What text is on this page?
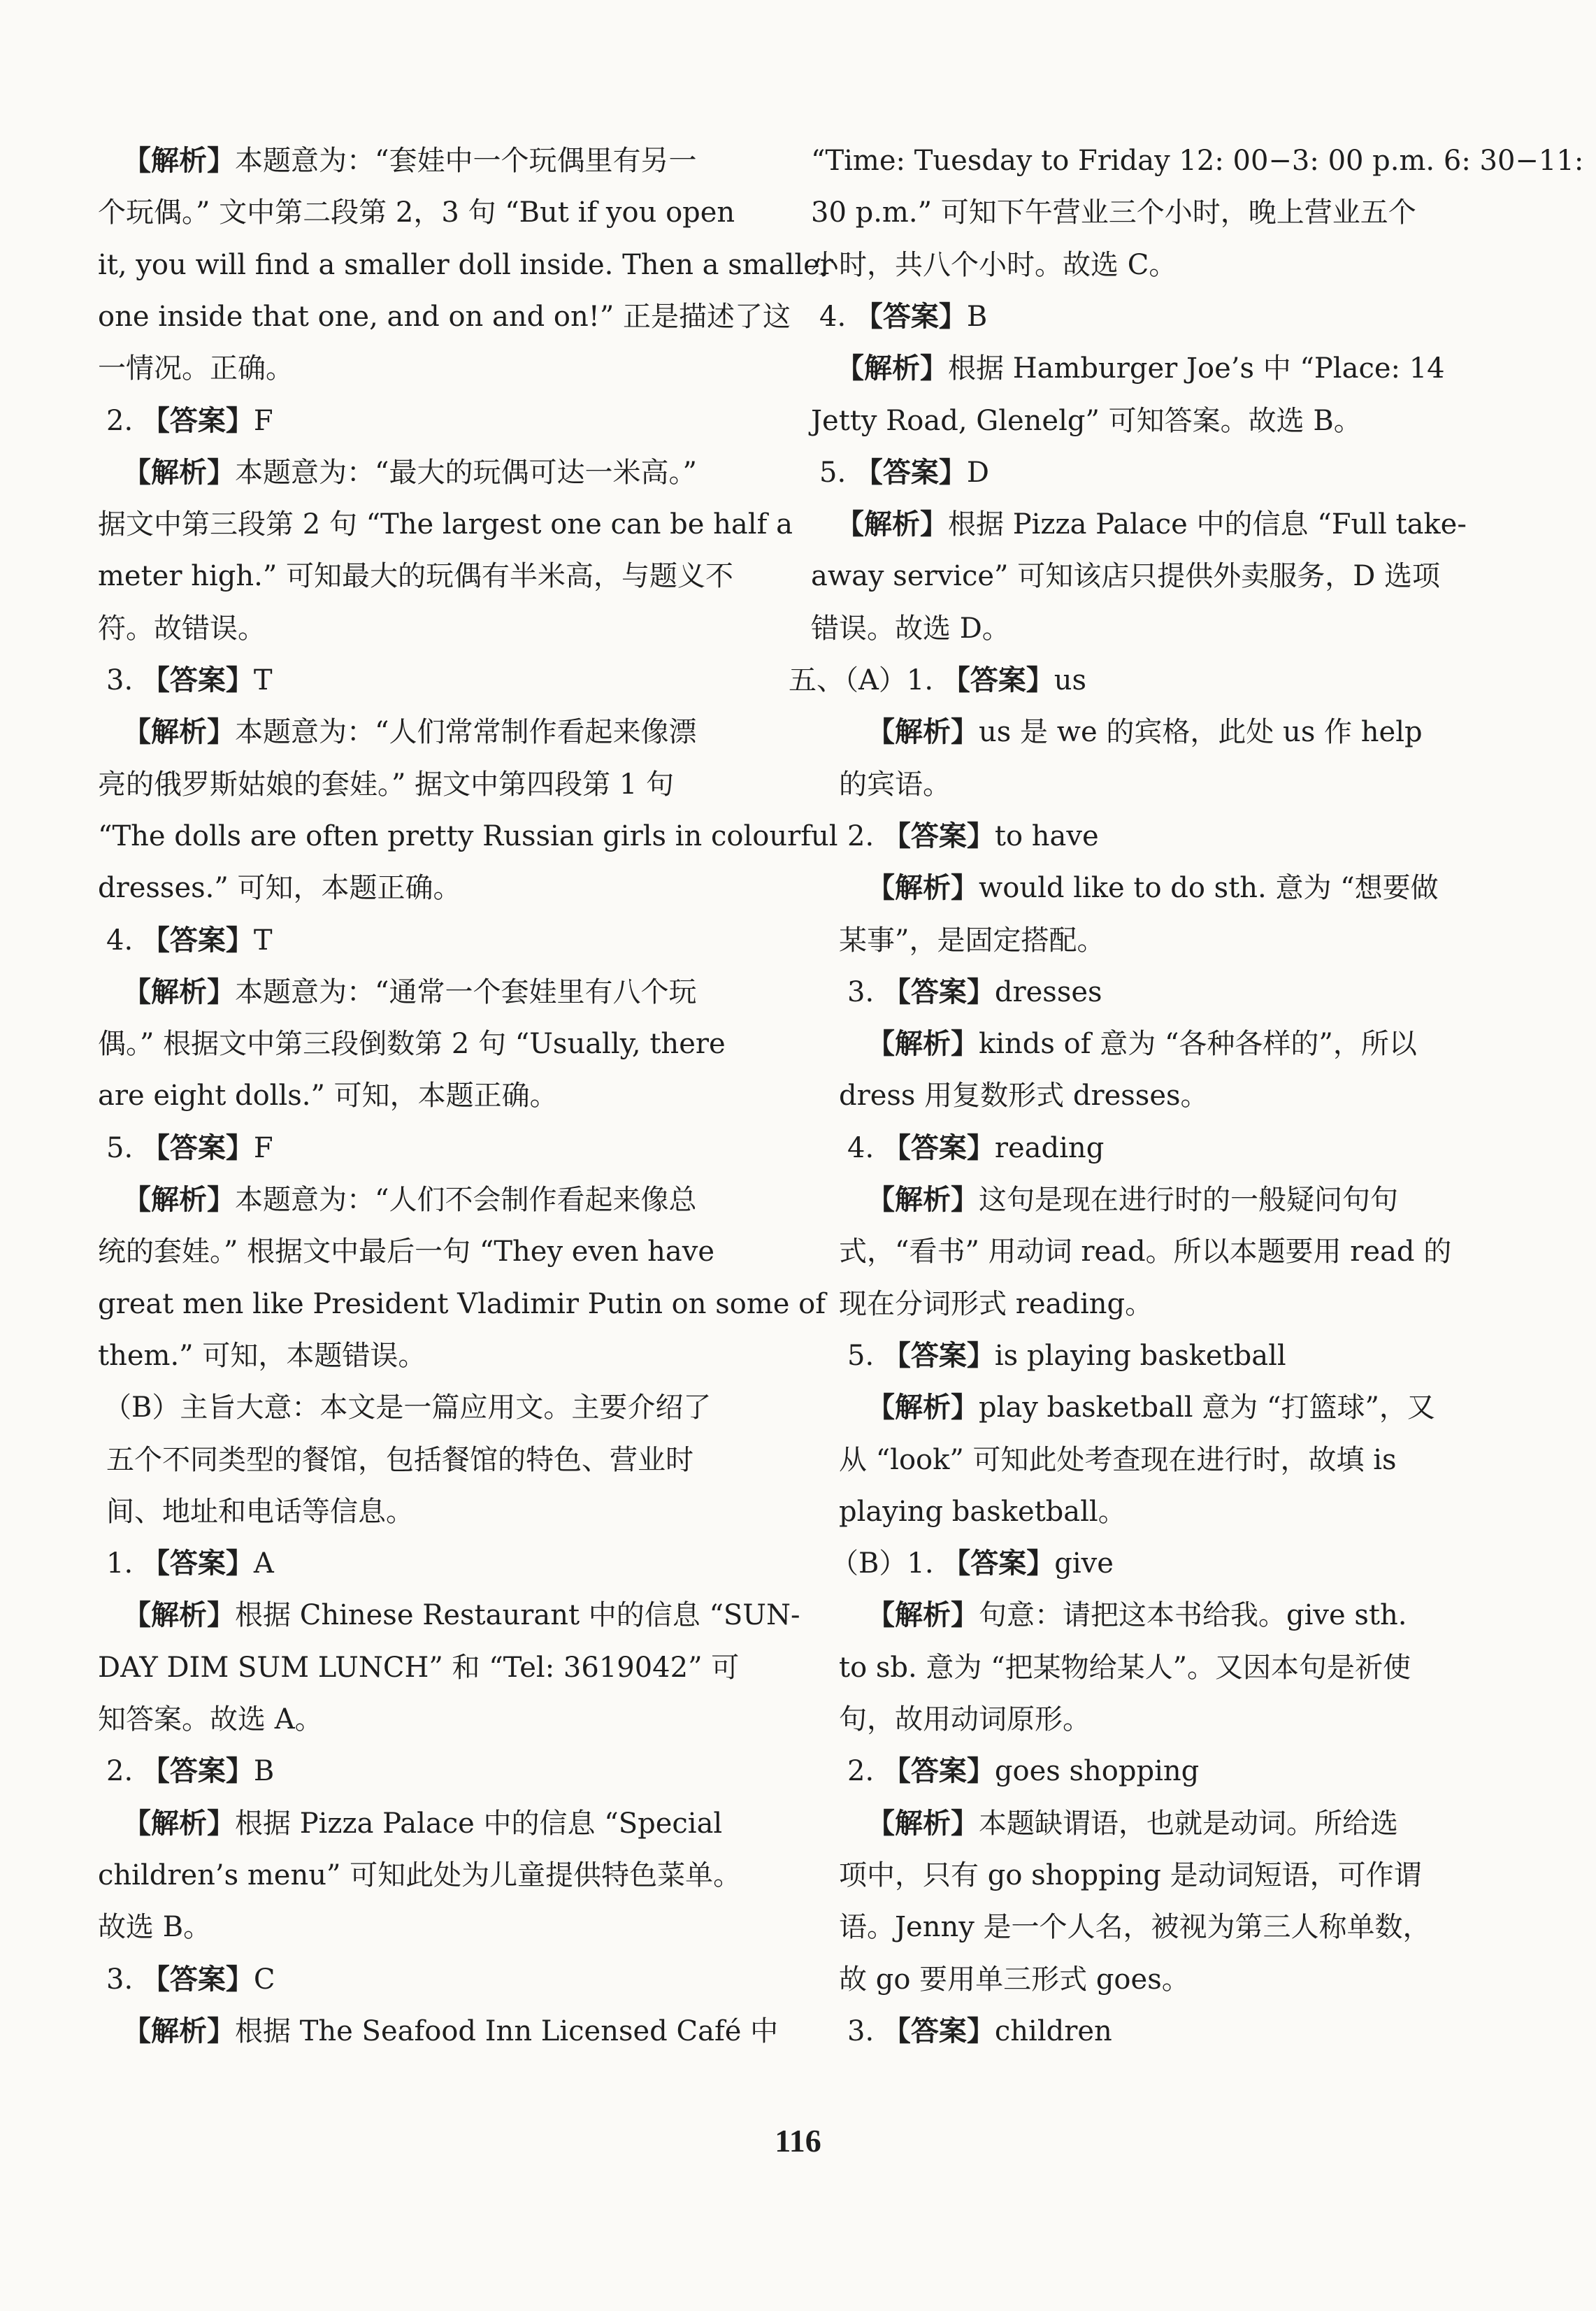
【解析】本题意为：“套娃中一个玩偶里有另一
个玩偶。” 文中第二段第 2，3 句 “But if you open
it, you will find a smaller doll inside. Then a smaller
one inside that one, and on and on!” 正是描述了这
一情况。正确。
2. 【答案】F
【解析】本题意为：“最大的玩偶可达一米高。”
据文中第三段第 2 句 “The largest one can be half a
meter high.” 可知最大的玩偶有半米高，与题义不
符。故错误。
3. 【答案】T
【解析】本题意为：“人们常常制作看起来像漂
亮的俄罗斯姑娘的套娃。” 据文中第四段第 1 句
“The dolls are often pretty Russian girls in colourful
dresses.” 可知，本题正确。
4. 【答案】T
【解析】本题意为：“通常一个套娃里有八个玩
偶。” 根据文中第三段倒数第 2 句 “Usually, there
are eight dolls.” 可知，本题正确。
5. 【答案】F
【解析】本题意为：“人们不会制作看起来像总
统的套娃。” 根据文中最后一句 “They even have
great men like President Vladimir Putin on some of
them.” 可知，本题错误。
（B）主旨大意：本文是一篇应用文。主要介绍了
五个不同类型的餐馆，包括餐馆的特色、营业时
间、地址和电话等信息。
1. 【答案】A
【解析】根据 Chinese Restaurant 中的信息 “SUN-
DAY DIM SUM LUNCH” 和 “Tel: 3619042” 可
知答案。故选 A。
2. 【答案】B
【解析】根据 Pizza Palace 中的信息 “Special
children’s menu” 可知此处为儿童提供特色菜单。
故选 B。
3. 【答案】C
【解析】根据 The Seafood Inn Licensed Café 中
“Time: Tuesday to Friday 12: 00−3: 00 p.m. 6: 30−11:
30 p.m.” 可知下午营业三个小时，晚上营业五个
小时，共八个小时。故选 C。
4. 【答案】B
【解析】根据 Hamburger Joe’s 中 “Place: 14
Jetty Road, Glenelg” 可知答案。故选 B。
5. 【答案】D
【解析】根据 Pizza Palace 中的信息 “Full take-
away service” 可知该店只提供外卖服务，D 选项
错误。故选 D。
五、（A）1. 【答案】us
【解析】us 是 we 的宾格，此处 us 作 help
的宾语。
2. 【答案】to have
【解析】would like to do sth. 意为 “想要做
某事”，是固定搭配。
3. 【答案】dresses
【解析】kinds of 意为 “各种各样的”，所以
dress 用复数形式 dresses。
4. 【答案】reading
【解析】这句是现在进行时的一般疑问句句
式，“看书” 用动词 read。所以本题要用 read 的
现在分词形式 reading。
5. 【答案】is playing basketball
【解析】play basketball 意为 “打篮球”，又
从 “look” 可知此处考查现在进行时，故填 is
playing basketball。
（B）1. 【答案】give
【解析】句意：请把这本书给我。give sth.
to sb. 意为 “把某物给某人”。又因本句是祈使
句，故用动词原形。
2. 【答案】goes shopping
【解析】本题缺谓语，也就是动词。所给选
项中，只有 go shopping 是动词短语，可作谓
语。Jenny 是一个人名，被视为第三人称单数，
故 go 要用单三形式 goes。
3. 【答案】children
116
